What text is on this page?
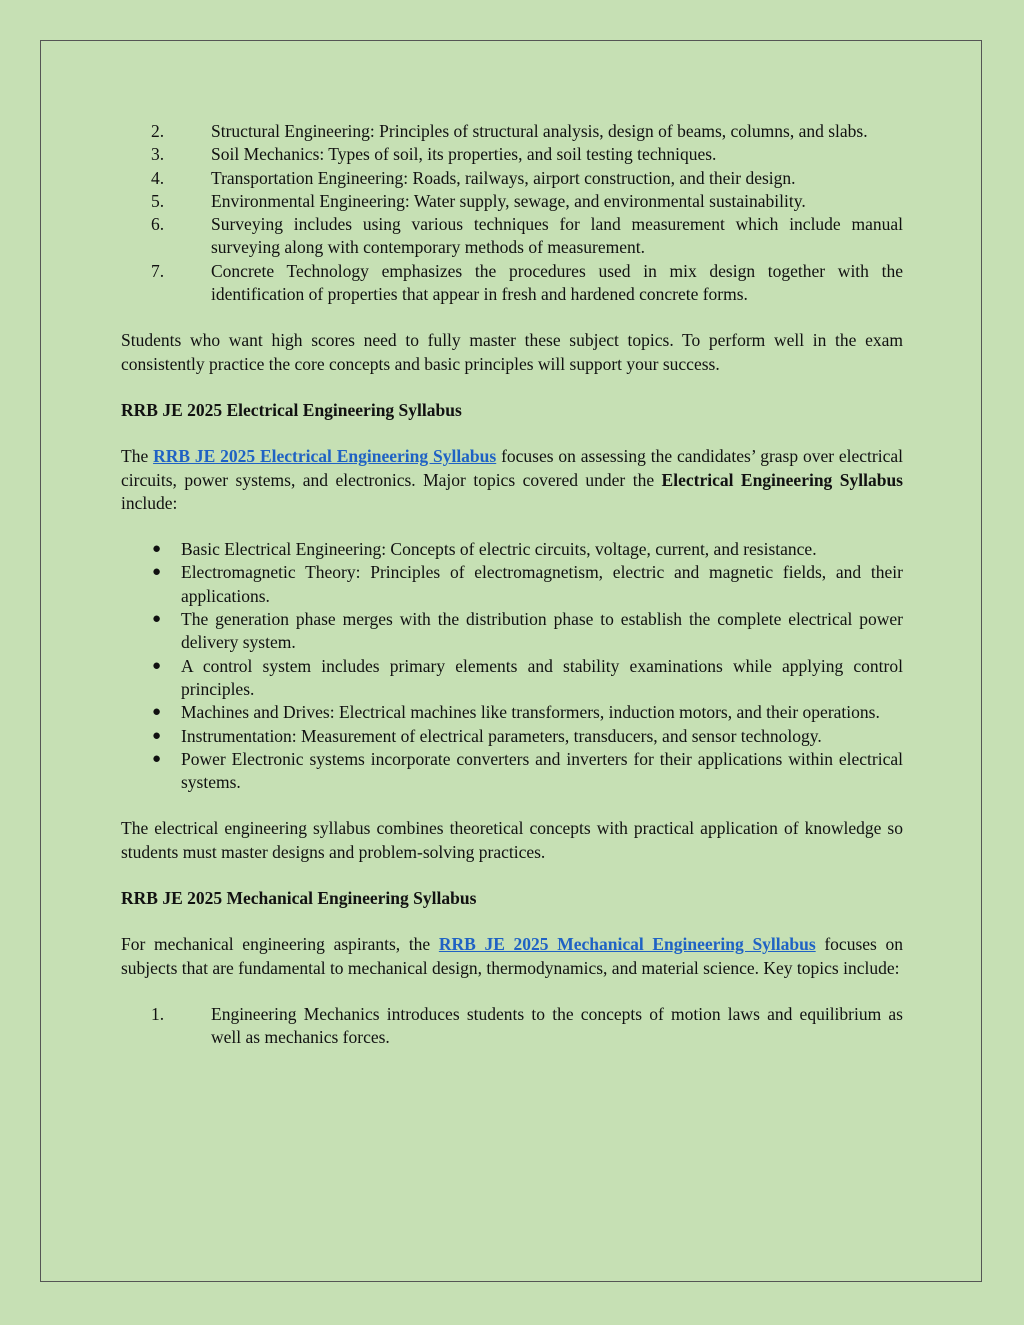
2.	Structural Engineering: Principles of structural analysis, design of beams, columns, and slabs.
3.	Soil Mechanics: Types of soil, its properties, and soil testing techniques.
4.	Transportation Engineering: Roads, railways, airport construction, and their design.
5.	Environmental Engineering: Water supply, sewage, and environmental sustainability.
6.	Surveying includes using various techniques for land measurement which include manual surveying along with contemporary methods of measurement.
7.	Concrete Technology emphasizes the procedures used in mix design together with the identification of properties that appear in fresh and hardened concrete forms.

Students who want high scores need to fully master these subject topics. To perform well in the exam consistently practice the core concepts and basic principles will support your success.

RRB JE 2025 Electrical Engineering Syllabus

The RRB JE 2025 Electrical Engineering Syllabus focuses on assessing the candidates’ grasp over electrical circuits, power systems, and electronics. Major topics covered under the Electrical Engineering Syllabus include:

● Basic Electrical Engineering: Concepts of electric circuits, voltage, current, and resistance.
● Electromagnetic Theory: Principles of electromagnetism, electric and magnetic fields, and their applications.
● The generation phase merges with the distribution phase to establish the complete electrical power delivery system.
● A control system includes primary elements and stability examinations while applying control principles.
● Machines and Drives: Electrical machines like transformers, induction motors, and their operations.
● Instrumentation: Measurement of electrical parameters, transducers, and sensor technology.
● Power Electronic systems incorporate converters and inverters for their applications within electrical systems.

The electrical engineering syllabus combines theoretical concepts with practical application of knowledge so students must master designs and problem-solving practices.

RRB JE 2025 Mechanical Engineering Syllabus

For mechanical engineering aspirants, the RRB JE 2025 Mechanical Engineering Syllabus focuses on subjects that are fundamental to mechanical design, thermodynamics, and material science. Key topics include:

1.	Engineering Mechanics introduces students to the concepts of motion laws and equilibrium as well as mechanics forces.
